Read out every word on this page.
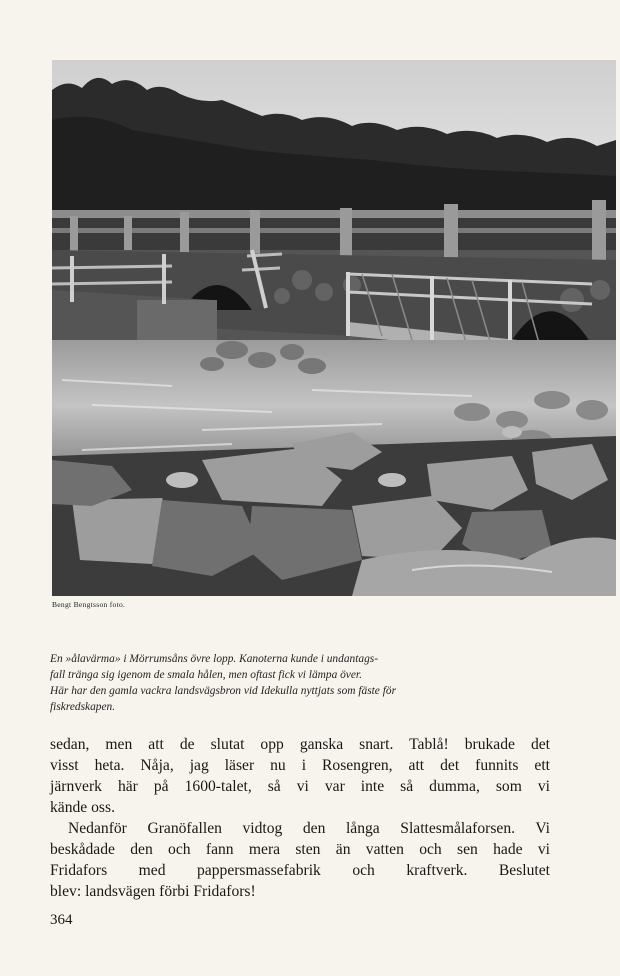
Bengt Bengtsson foto.
En »ålavärma» i Mörrumsåns övre lopp. Kanoterna kunde i undantags-
fall tränga sig igenom de smala hålen, men oftast fick vi lämpa över.
Här har den gamla vackra landsvägsbron vid Idekulla nyttjats som fäste för
fiskredskapen.
sedan, men att de slutat opp ganska snart. Tablå! brukade det
visst heta. Nåja, jag läser nu i Rosengren, att det funnits ett
järnverk här på 1600-talet, så vi var inte så dumma, som vi
kände oss.
Nedanför Granöfallen vidtog den långa Slattesmålaforsen. Vi
beskådade den och fann mera sten än vatten och sen hade vi
Fridafors med pappersmassefabrik och kraftverk. Beslutet
blev: landsvägen förbi Fridafors!
364
